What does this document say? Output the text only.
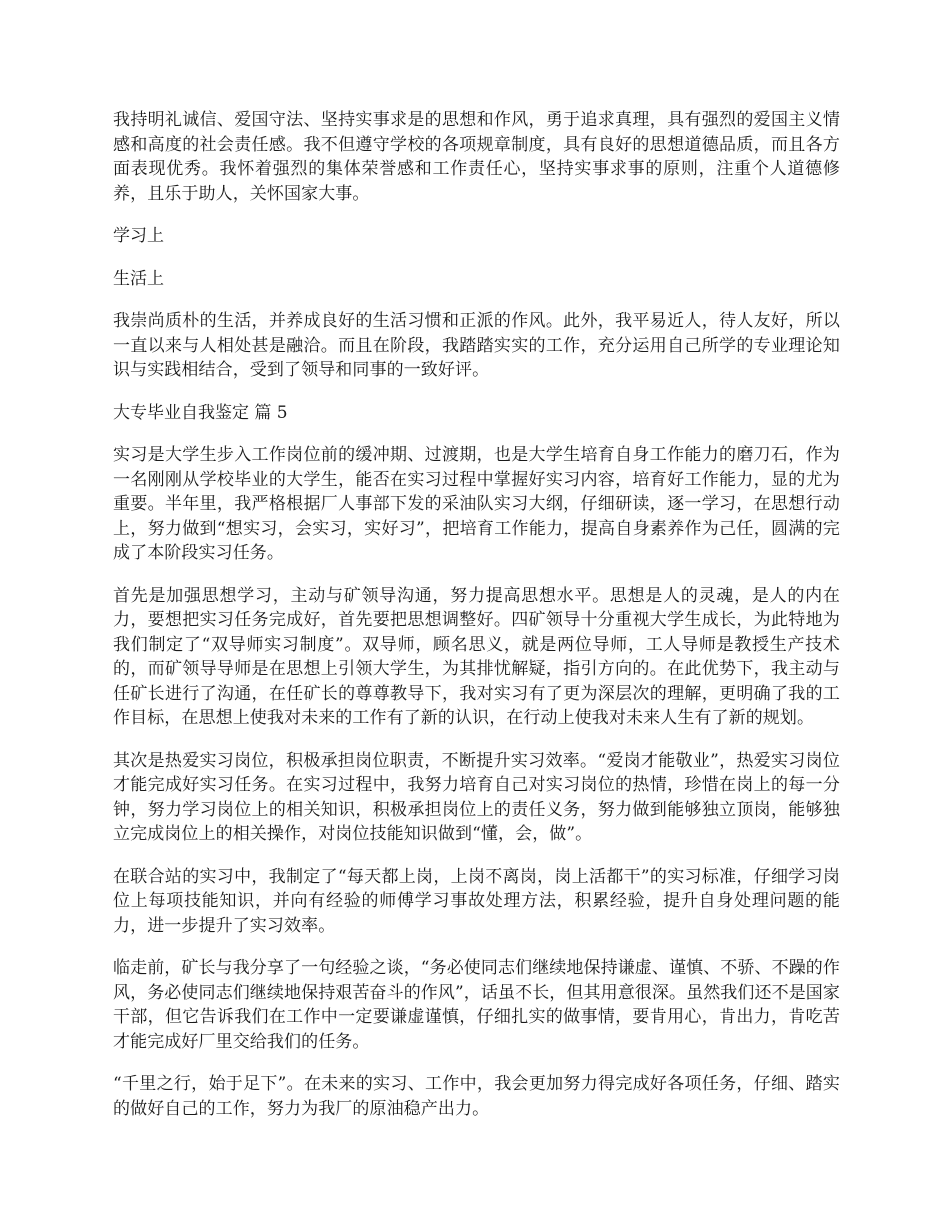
我持明礼诚信、爱国守法、坚持实事求是的思想和作风，勇于追求真理，具有强烈的爱国主义情感和高度的社会责任感。我不但遵守学校的各项规章制度，具有良好的思想道德品质，而且各方面表现优秀。我怀着强烈的集体荣誉感和工作责任心，坚持实事求事的原则，注重个人道德修养，且乐于助人，关怀国家大事。

学习上

生活上

我崇尚质朴的生活，并养成良好的生活习惯和正派的作风。此外，我平易近人，待人友好，所以一直以来与人相处甚是融洽。而且在阶段，我踏踏实实的工作，充分运用自己所学的专业理论知识与实践相结合，受到了领导和同事的一致好评。

大专毕业自我鉴定 篇 5

实习是大学生步入工作岗位前的缓冲期、过渡期，也是大学生培育自身工作能力的磨刀石，作为一名刚刚从学校毕业的大学生，能否在实习过程中掌握好实习内容，培育好工作能力，显的尤为重要。半年里，我严格根据厂人事部下发的采油队实习大纲，仔细研读，逐一学习，在思想行动上，努力做到“想实习，会实习，实好习”，把培育工作能力，提高自身素养作为己任，圆满的完成了本阶段实习任务。

首先是加强思想学习，主动与矿领导沟通，努力提高思想水平。思想是人的灵魂，是人的内在力，要想把实习任务完成好，首先要把思想调整好。四矿领导十分重视大学生成长，为此特地为我们制定了“双导师实习制度”。双导师，顾名思义，就是两位导师，工人导师是教授生产技术的，而矿领导导师是在思想上引领大学生，为其排忧解疑，指引方向的。在此优势下，我主动与任矿长进行了沟通，在任矿长的尊尊教导下，我对实习有了更为深层次的理解，更明确了我的工作目标，在思想上使我对未来的工作有了新的认识，在行动上使我对未来人生有了新的规划。

其次是热爱实习岗位，积极承担岗位职责，不断提升实习效率。“爱岗才能敬业”，热爱实习岗位才能完成好实习任务。在实习过程中，我努力培育自己对实习岗位的热情，珍惜在岗上的每一分钟，努力学习岗位上的相关知识，积极承担岗位上的责任义务，努力做到能够独立顶岗，能够独立完成岗位上的相关操作，对岗位技能知识做到“懂，会，做”。

在联合站的实习中，我制定了“每天都上岗，上岗不离岗，岗上活都干”的实习标准，仔细学习岗位上每项技能知识，并向有经验的师傅学习事故处理方法，积累经验，提升自身处理问题的能力，进一步提升了实习效率。

临走前，矿长与我分享了一句经验之谈，“务必使同志们继续地保持谦虚、谨慎、不骄、不躁的作风，务必使同志们继续地保持艰苦奋斗的作风”，话虽不长，但其用意很深。虽然我们还不是国家干部，但它告诉我们在工作中一定要谦虚谨慎，仔细扎实的做事情，要肯用心，肯出力，肯吃苦才能完成好厂里交给我们的任务。

“千里之行，始于足下”。在未来的实习、工作中，我会更加努力得完成好各项任务，仔细、踏实的做好自己的工作，努力为我厂的原油稳产出力。
